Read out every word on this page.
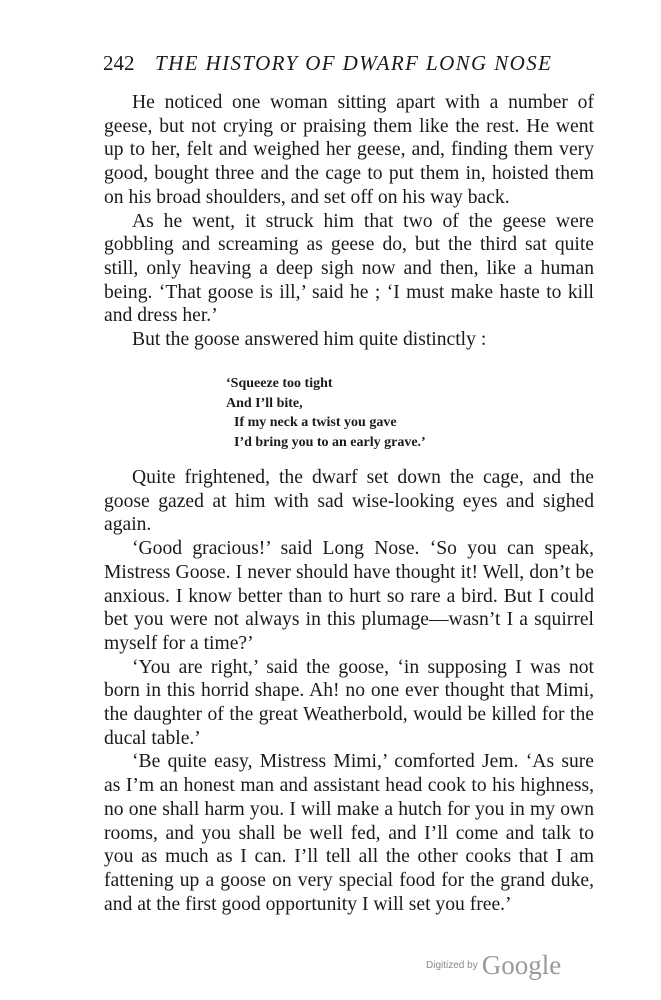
242 THE HISTORY OF DWARF LONG NOSE

He noticed one woman sitting apart with a number of geese, but not crying or praising them like the rest. He went up to her, felt and weighed her geese, and, finding them very good, bought three and the cage to put them in, hoisted them on his broad shoulders, and set off on his way back.

As he went, it struck him that two of the geese were gobbling and screaming as geese do, but the third sat quite still, only heaving a deep sigh now and then, like a human being. ‘That goose is ill,’ said he ; ‘I must make haste to kill and dress her.’

But the goose answered him quite distinctly :

‘Squeeze too tight
And I’ll bite,
If my neck a twist you gave
I’d bring you to an early grave.’

Quite frightened, the dwarf set down the cage, and the goose gazed at him with sad wise-looking eyes and sighed again.

‘Good gracious!’ said Long Nose. ‘So you can speak, Mistress Goose. I never should have thought it! Well, don’t be anxious. I know better than to hurt so rare a bird. But I could bet you were not always in this plumage—wasn’t I a squirrel myself for a time?’

‘You are right,’ said the goose, ‘in supposing I was not born in this horrid shape. Ah! no one ever thought that Mimi, the daughter of the great Weatherbold, would be killed for the ducal table.’

‘Be quite easy, Mistress Mimi,’ comforted Jem. ‘As sure as I’m an honest man and assistant head cook to his highness, no one shall harm you. I will make a hutch for you in my own rooms, and you shall be well fed, and I’ll come and talk to you as much as I can. I’ll tell all the other cooks that I am fattening up a goose on very special food for the grand duke, and at the first good opportunity I will set you free.’

Digitized by Google
